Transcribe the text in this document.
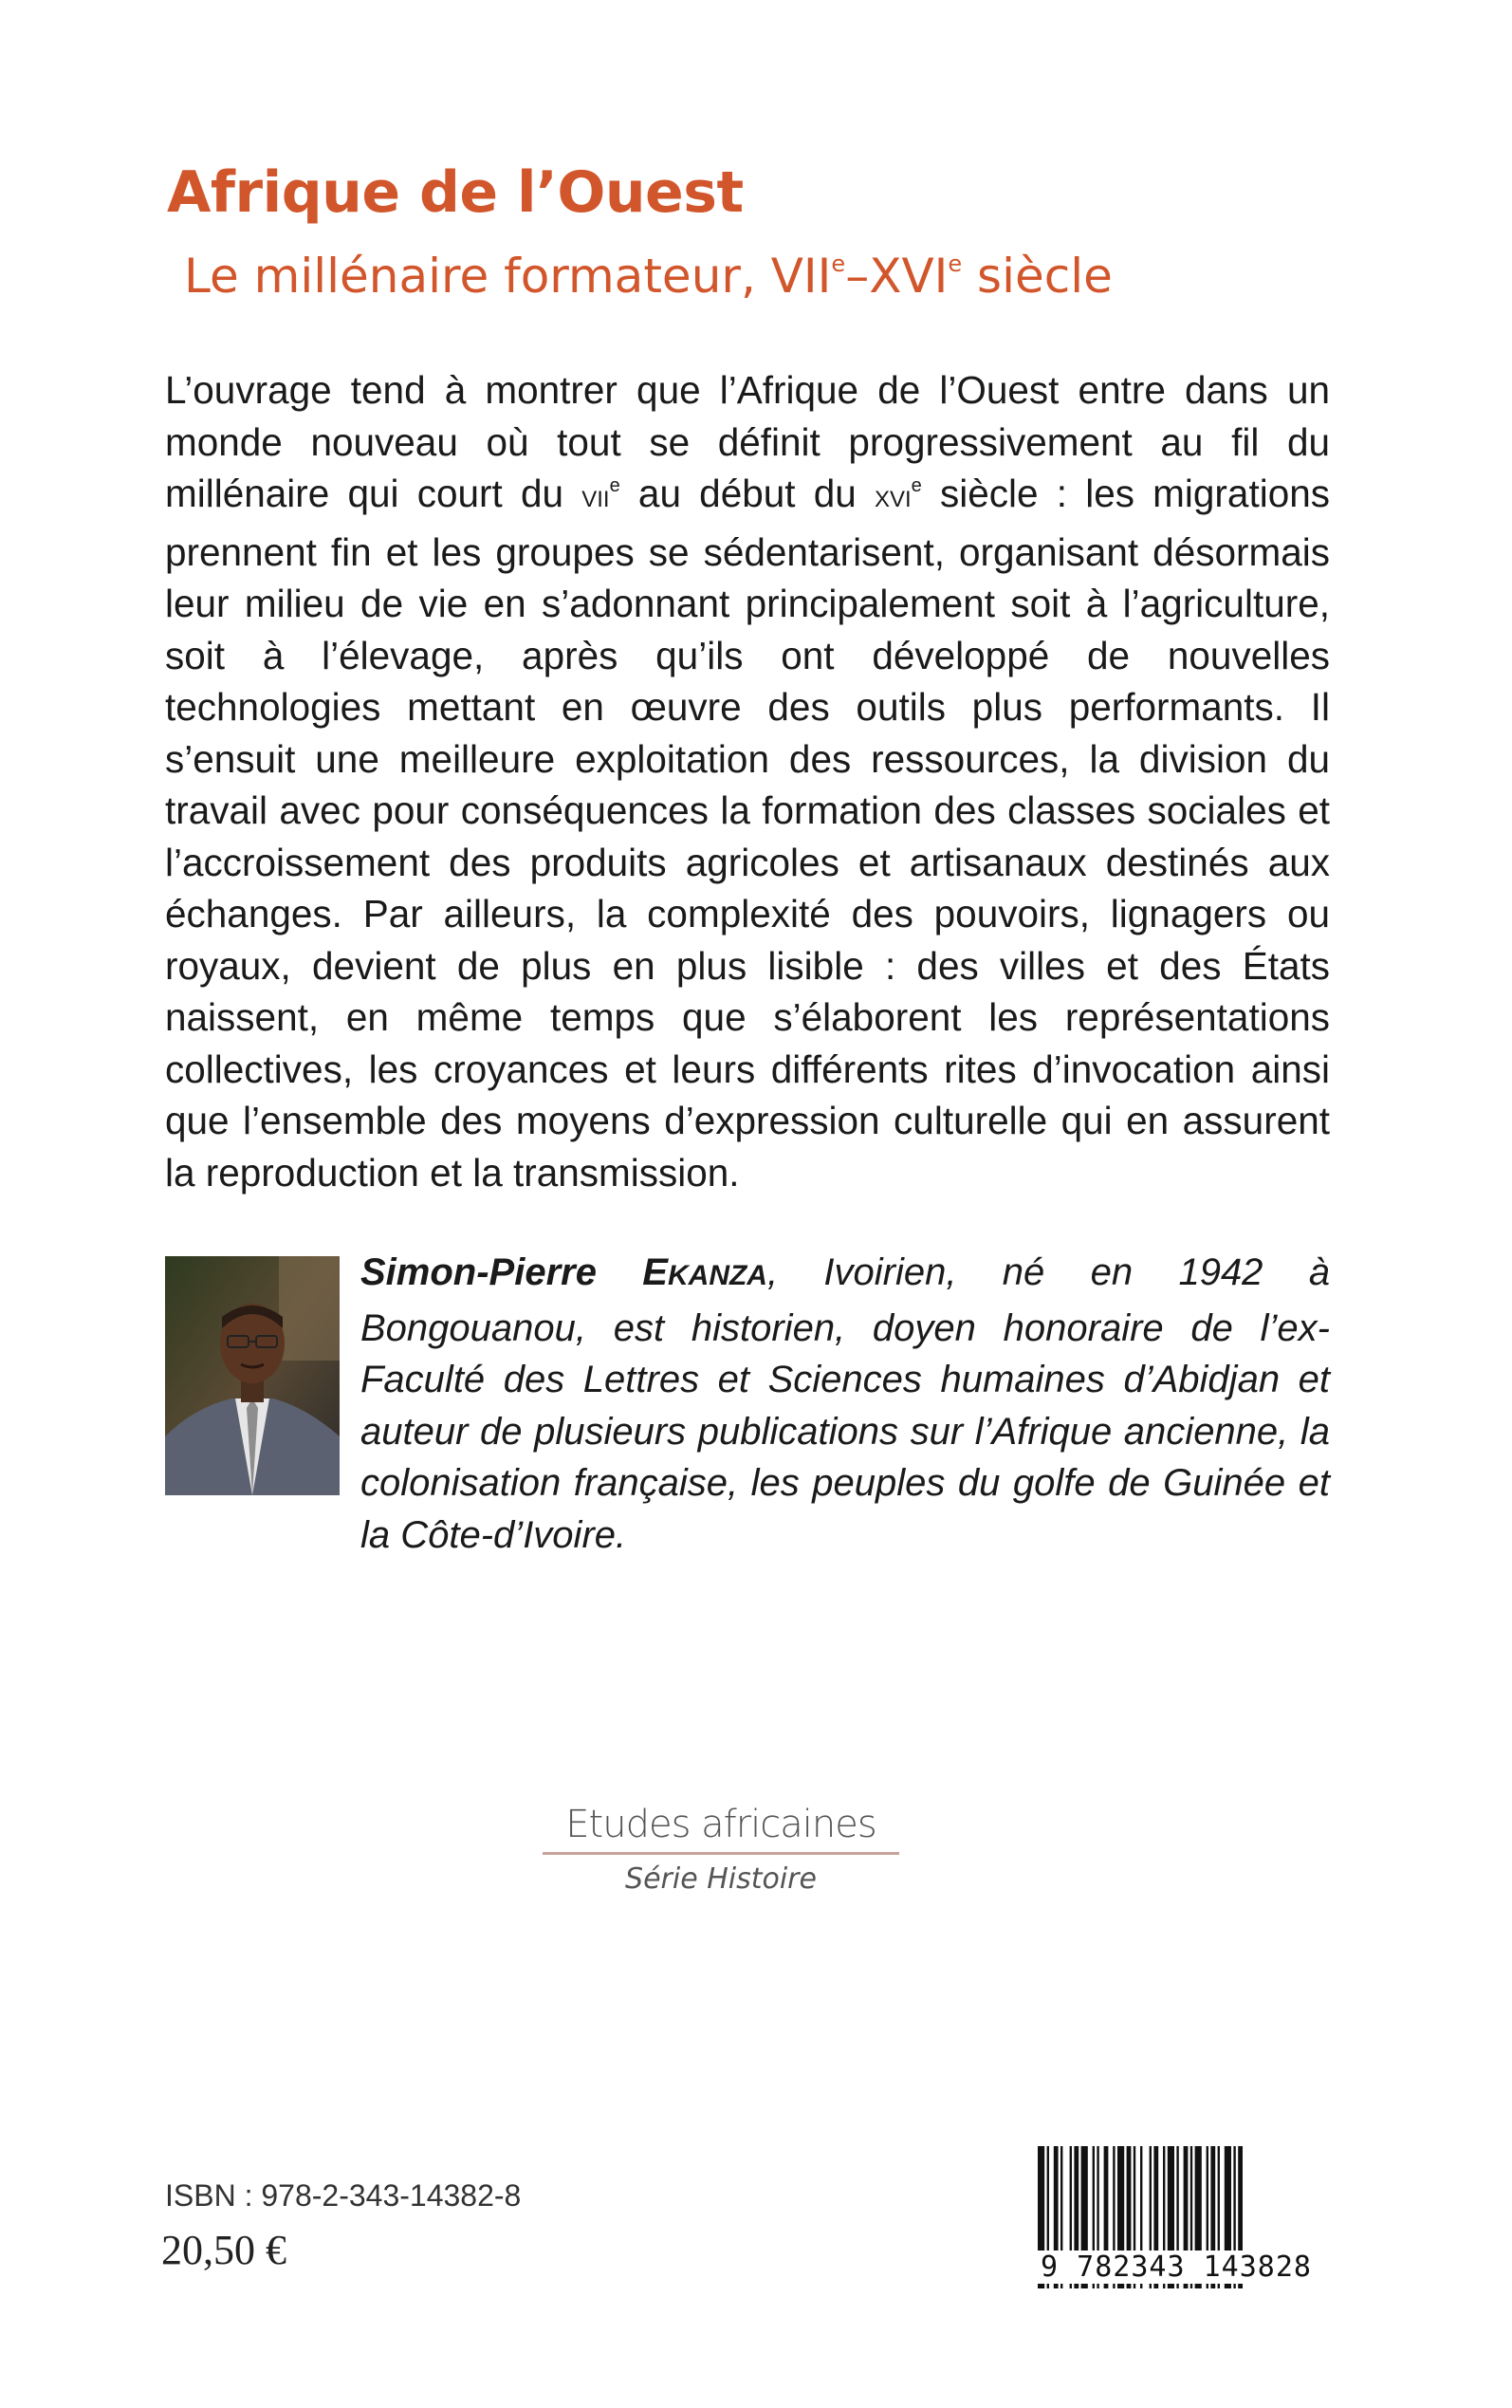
Afrique de l’Ouest

Le millénaire formateur, VIIe–XVIe siècle

L’ouvrage tend à montrer que l’Afrique de l’Ouest entre dans un monde nouveau où tout se définit progressivement au fil du millénaire qui court du VIIe au début du XVIe siècle : les migrations prennent fin et les groupes se sédentarisent, organisant désormais leur milieu de vie en s’adonnant principalement soit à l’agriculture, soit à l’élevage, après qu’ils ont développé de nouvelles technologies mettant en œuvre des outils plus performants. Il s’ensuit une meilleure exploitation des ressources, la division du travail avec pour conséquences la formation des classes sociales et l’accroissement des produits agricoles et artisanaux destinés aux échanges. Par ailleurs, la complexité des pouvoirs, lignagers ou royaux, devient de plus en plus lisible : des villes et des États naissent, en même temps que s’élaborent les représentations collectives, les croyances et leurs différents rites d’invocation ainsi que l’ensemble des moyens d’expression culturelle qui en assurent la reproduction et la transmission.

Simon-Pierre EKANZA, Ivoirien, né en 1942 à Bongouanou, est historien, doyen honoraire de l’ex-Faculté des Lettres et Sciences humaines d’Abidjan et auteur de plusieurs publications sur l’Afrique ancienne, la colonisation française, les peuples du golfe de Guinée et la Côte-d’Ivoire.

Etudes africaines
Série Histoire

ISBN : 978-2-343-14382-8

20,50 €	9 782343 143828
